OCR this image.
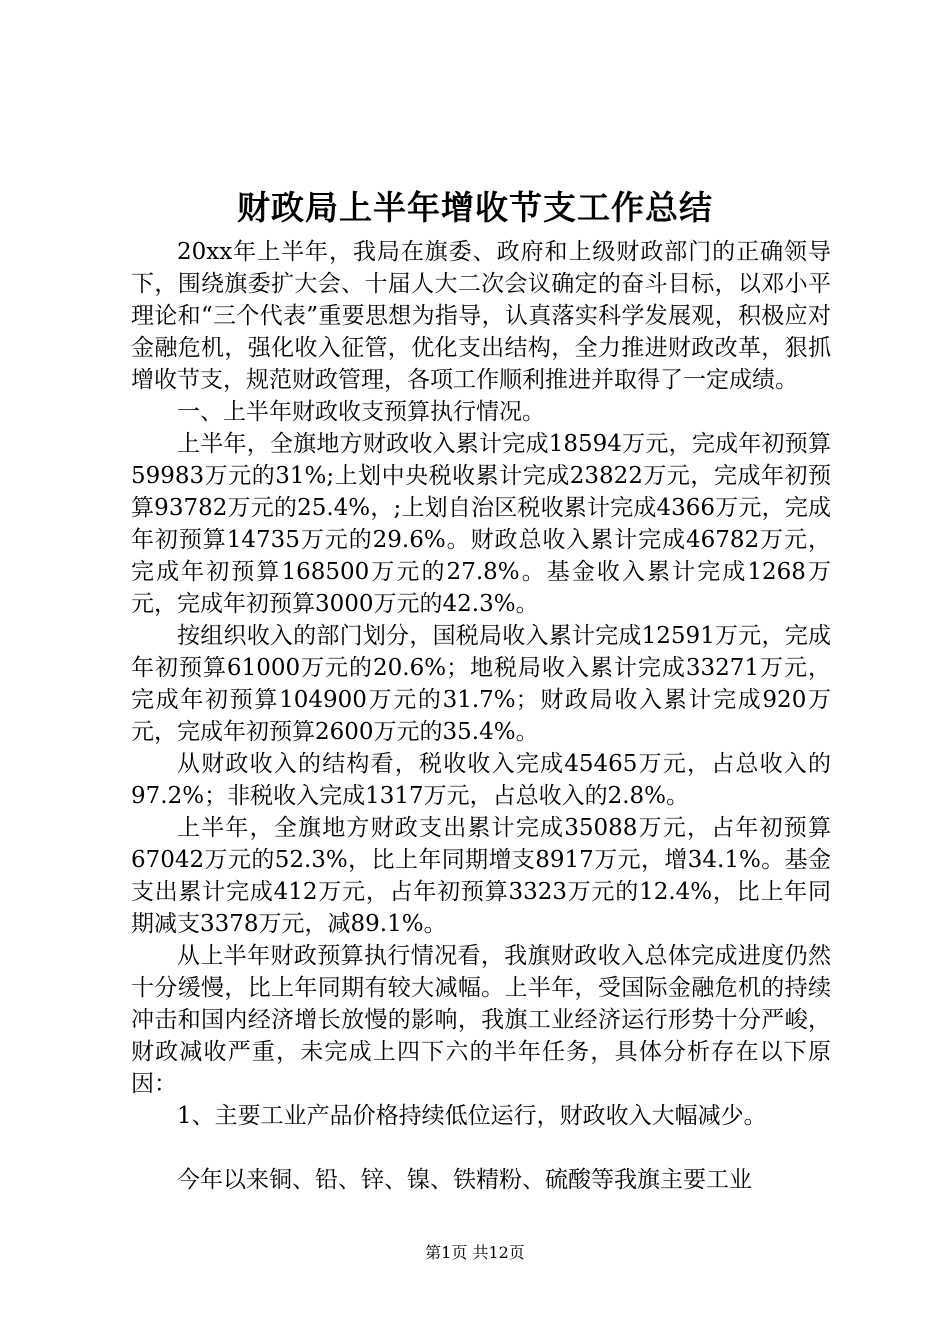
财政局上半年增收节支工作总结

20xx年上半年，我局在旗委、政府和上级财政部门的正确领导下，围绕旗委扩大会、十届人大二次会议确定的奋斗目标，以邓小平理论和“三个代表”重要思想为指导，认真落实科学发展观，积极应对金融危机，强化收入征管，优化支出结构，全力推进财政改革，狠抓增收节支，规范财政管理，各项工作顺利推进并取得了一定成绩。

一、上半年财政收支预算执行情况。

上半年，全旗地方财政收入累计完成18594万元，完成年初预算59983万元的31%;上划中央税收累计完成23822万元，完成年初预算93782万元的25.4%，;上划自治区税收累计完成4366万元，完成年初预算14735万元的29.6%。财政总收入累计完成46782万元，完成年初预算168500万元的27.8%。基金收入累计完成1268万元，完成年初预算3000万元的42.3%。

按组织收入的部门划分，国税局收入累计完成12591万元，完成年初预算61000万元的20.6%；地税局收入累计完成33271万元，完成年初预算104900万元的31.7%；财政局收入累计完成920万元，完成年初预算2600万元的35.4%。

从财政收入的结构看，税收收入完成45465万元，占总收入的97.2%；非税收入完成1317万元，占总收入的2.8%。

上半年，全旗地方财政支出累计完成35088万元，占年初预算67042万元的52.3%，比上年同期增支8917万元，增34.1%。基金支出累计完成412万元，占年初预算3323万元的12.4%，比上年同期减支3378万元，减89.1%。

从上半年财政预算执行情况看，我旗财政收入总体完成进度仍然十分缓慢，比上年同期有较大减幅。上半年，受国际金融危机的持续冲击和国内经济增长放慢的影响，我旗工业经济运行形势十分严峻，财政减收严重，未完成上四下六的半年任务，具体分析存在以下原因：

1、主要工业产品价格持续低位运行，财政收入大幅减少。

今年以来铜、铅、锌、镍、铁精粉、硫酸等我旗主要工业

第1页 共12页
